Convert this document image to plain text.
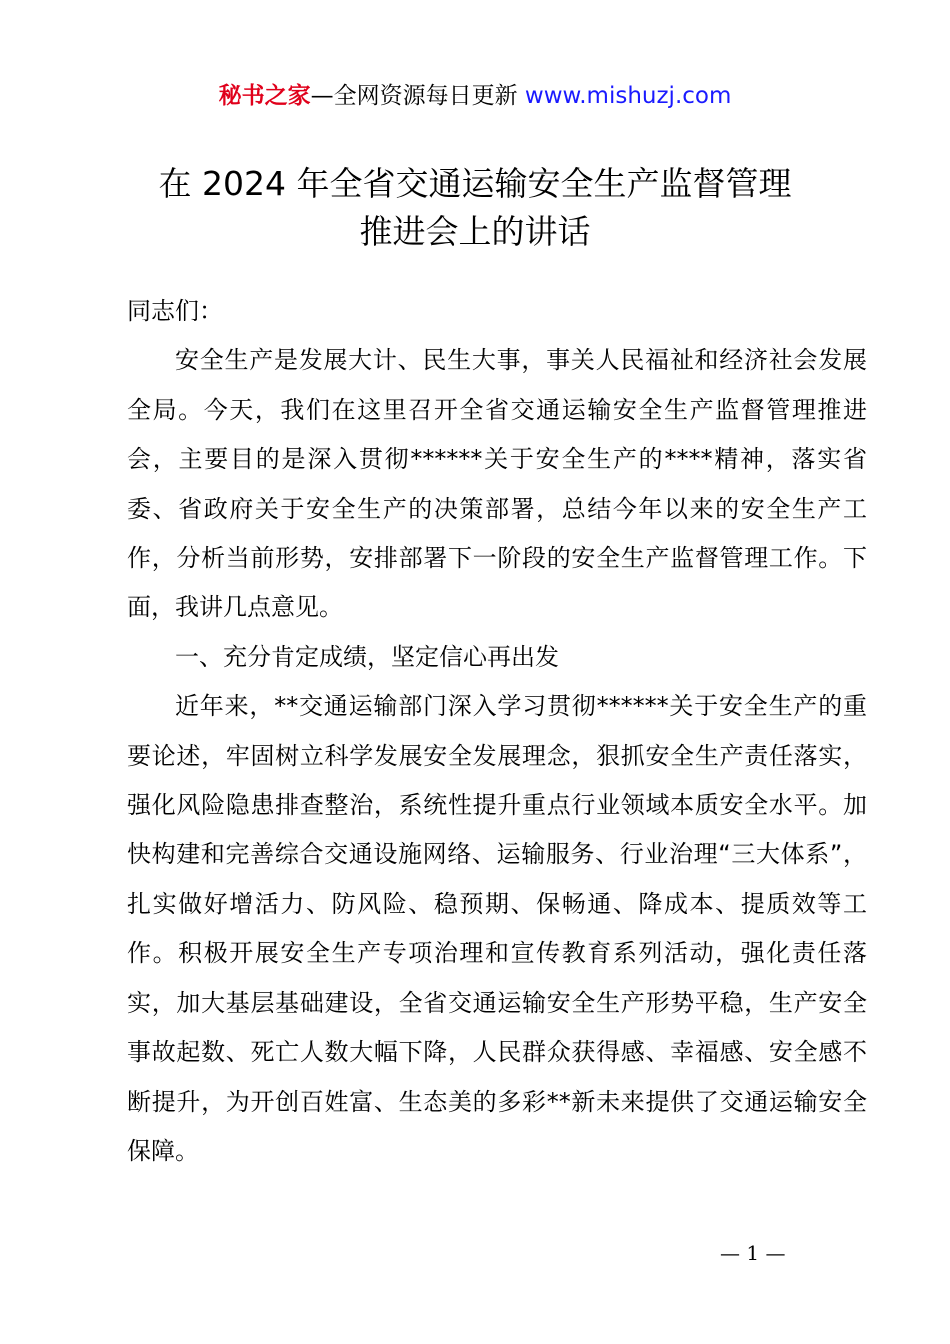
秘书之家—全网资源每日更新 www.mishuzj.com
在 2024 年全省交通运输安全生产监督管理
推进会上的讲话

同志们：

安全生产是发展大计、民生大事，事关人民福祉和经济社会发展全局。今天，我们在这里召开全省交通运输安全生产监督管理推进会，主要目的是深入贯彻******关于安全生产的****精神，落实省委、省政府关于安全生产的决策部署，总结今年以来的安全生产工作，分析当前形势，安排部署下一阶段的安全生产监督管理工作。下面，我讲几点意见。

一、充分肯定成绩，坚定信心再出发

近年来，**交通运输部门深入学习贯彻******关于安全生产的重要论述，牢固树立科学发展安全发展理念，狠抓安全生产责任落实，强化风险隐患排查整治，系统性提升重点行业领域本质安全水平。加快构建和完善综合交通设施网络、运输服务、行业治理“三大体系”，扎实做好增活力、防风险、稳预期、保畅通、降成本、提质效等工作。积极开展安全生产专项治理和宣传教育系列活动，强化责任落实，加大基层基础建设，全省交通运输安全生产形势平稳，生产安全事故起数、死亡人数大幅下降，人民群众获得感、幸福感、安全感不断提升，为开创百姓富、生态美的多彩**新未来提供了交通运输安全保障。

— 1 —
